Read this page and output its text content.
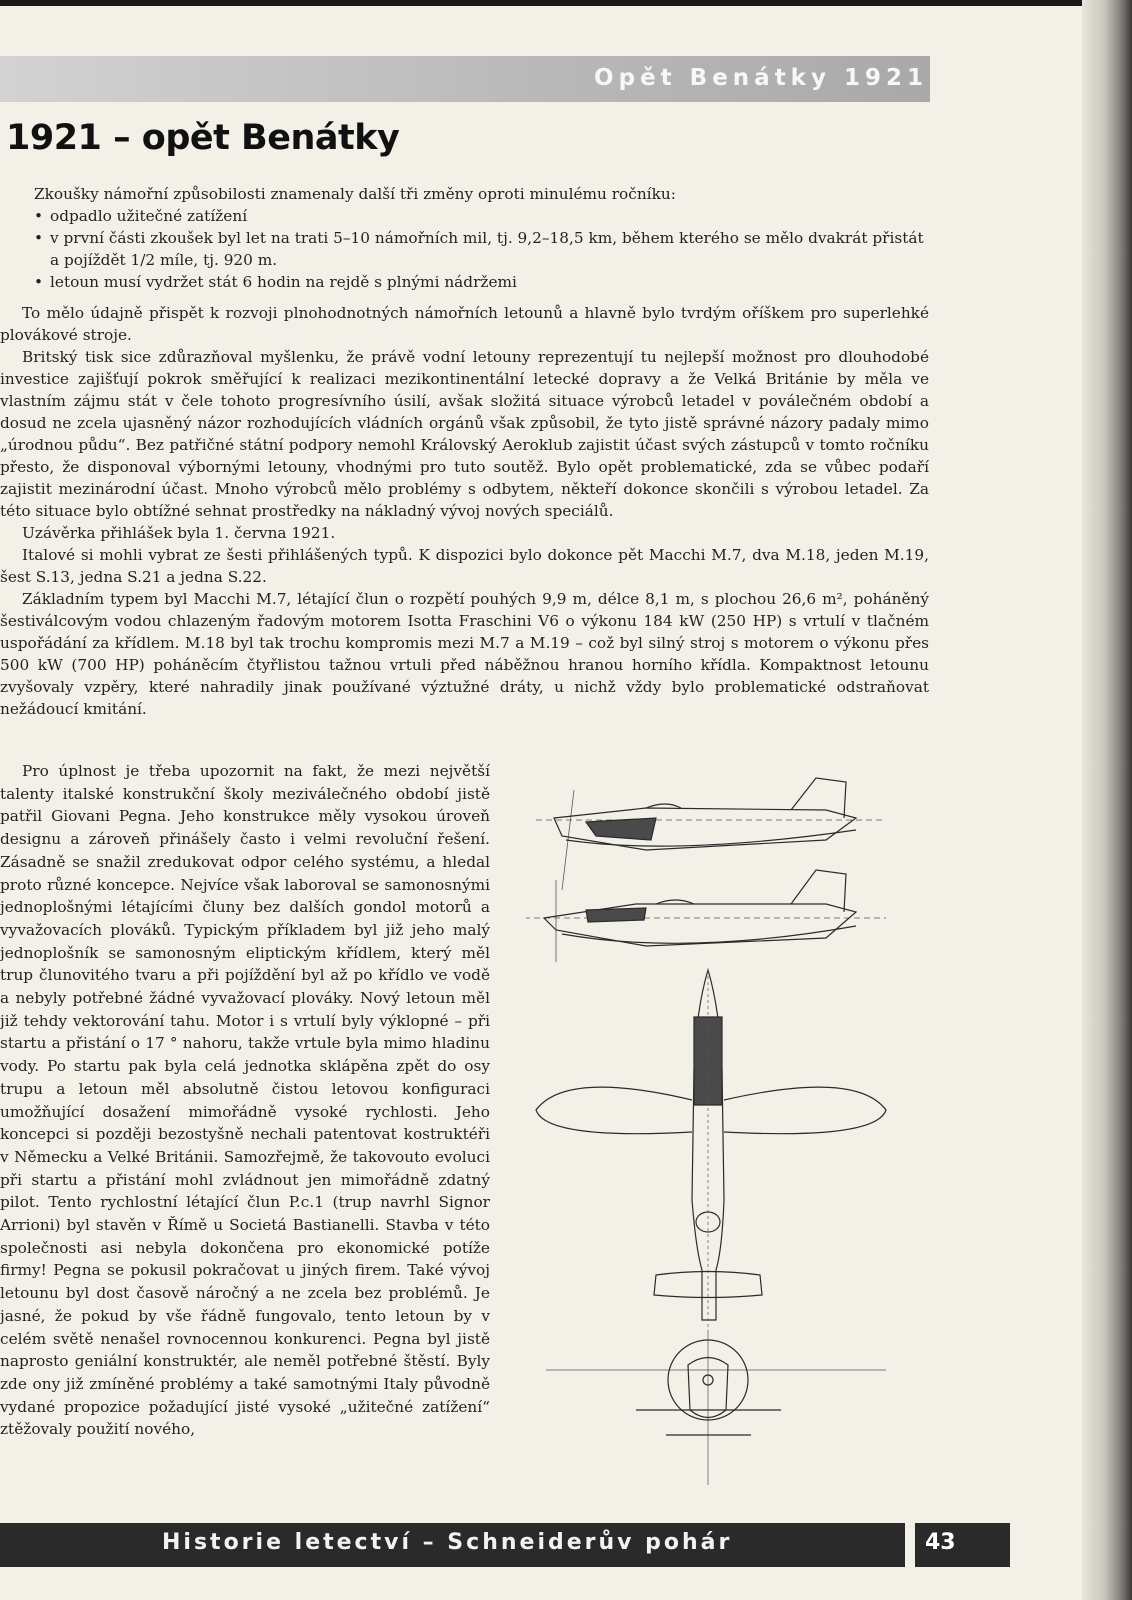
Opět Benátky 1921
1921 – opět Benátky

Zkoušky námořní způsobilosti znamenaly další tři změny oproti minulému ročníku:

• odpadlo užitečné zatížení
• v první části zkoušek byl let na trati 5–10 námořních mil, tj. 9,2–18,5 km, během kterého se mělo dvakrát přistát a pojíždět 1/2 míle, tj. 920 m.
• letoun musí vydržet stát 6 hodin na rejdě s plnými nádržemi

To mělo údajně přispět k rozvoji plnohodnotných námořních letounů a hlavně bylo tvrdým oříškem pro superlehké plovákové stroje.

Britský tisk sice zdůrazňoval myšlenku, že právě vodní letouny reprezentují tu nejlepší možnost pro dlouhodobé investice zajišťují pokrok směřující k realizaci mezikontinentální letecké dopravy a že Velká Británie by měla ve vlastním zájmu stát v čele tohoto progresívního úsilí, avšak složitá situace výrobců letadel v poválečném období a dosud ne zcela ujasněný názor rozhodujících vládních orgánů však způsobil, že tyto jistě správné názory padaly mimo „úrodnou půdu“. Bez patřičné státní podpory nemohl Královský Aeroklub zajistit účast svých zástupců v tomto ročníku přesto, že disponoval výbornými letouny, vhodnými pro tuto soutěž. Bylo opět problematické, zda se vůbec podaří zajistit mezinárodní účast. Mnoho výrobců mělo problémy s odbytem, někteří dokonce skončili s výrobou letadel. Za této situace bylo obtížné sehnat prostředky na nákladný vývoj nových speciálů.

Uzávěrka přihlášek byla 1. června 1921.

Italové si mohli vybrat ze šesti přihlášených typů. K dispozici bylo dokonce pět Macchi M.7, dva M.18, jeden M.19, šest S.13, jedna S.21 a jedna S.22.

Základním typem byl Macchi M.7, létající člun o rozpětí pouhých 9,9 m, délce 8,1 m, s plochou 26,6 m², poháněný šestiválcovým vodou chlazeným řadovým motorem Isotta Fraschini V6 o výkonu 184 kW (250 HP) s vrtulí v tlačném uspořádání za křídlem. M.18 byl tak trochu kompromis mezi M.7 a M.19 – což byl silný stroj s motorem o výkonu přes 500 kW (700 HP) poháněcím čtyřlistou tažnou vrtuli před náběžnou hranou horního křídla. Kompaktnost letounu zvyšovaly vzpěry, které nahradily jinak používané výztužné dráty, u nichž vždy bylo problematické odstraňovat nežádoucí kmitání.

Pro úplnost je třeba upozornit na fakt, že mezi největší talenty italské konstrukční školy meziválečného období jistě patřil Giovani Pegna. Jeho konstrukce měly vysokou úroveň designu a zároveň přinášely často i velmi revoluční řešení. Zásadně se snažil zredukovat odpor celého systému, a hledal proto různé koncepce. Nejvíce však laboroval se samonosnými jednoplošnými létajícími čluny bez dalších gondol motorů a vyvažovacích plováků. Typickým příkladem byl již jeho malý jednoplošník se samonosným eliptickým křídlem, který měl trup člunovitého tvaru a při pojíždění byl až po křídlo ve vodě a nebyly potřebné žádné vyvažovací plováky. Nový letoun měl již tehdy vektorování tahu. Motor i s vrtulí byly výklopné – při startu a přistání o 17 ° nahoru, takže vrtule byla mimo hladinu vody. Po startu pak byla celá jednotka sklápěna zpět do osy trupu a letoun měl absolutně čistou letovou konfiguraci umožňující dosažení mimořádně vysoké rychlosti. Jeho koncepci si později bezostyšně nechali patentovat kostruktéři v Německu a Velké Británii. Samozřejmě, že takovouto evoluci při startu a přistání mohl zvládnout jen mimořádně zdatný pilot. Tento rychlostní létající člun P.c.1 (trup navrhl Signor Arrioni) byl stavěn v Římě u Societá Bastianelli. Stavba v této společnosti asi nebyla dokončena pro ekonomické potíže firmy! Pegna se pokusil pokračovat u jiných firem. Také vývoj letounu byl dost časově náročný a ne zcela bez problémů. Je jasné, že pokud by vše řádně fungovalo, tento letoun by v celém světě nenašel rovnocennou konkurenci. Pegna byl jistě naprosto geniální konstruktér, ale neměl potřebné štěstí. Byly zde ony již zmíněné problémy a také samotnými Italy původně vydané propozice požadující jisté vysoké „užitečné zatížení“ ztěžovaly použití nového,

Historie letectví – Schneiderův pohár	43
